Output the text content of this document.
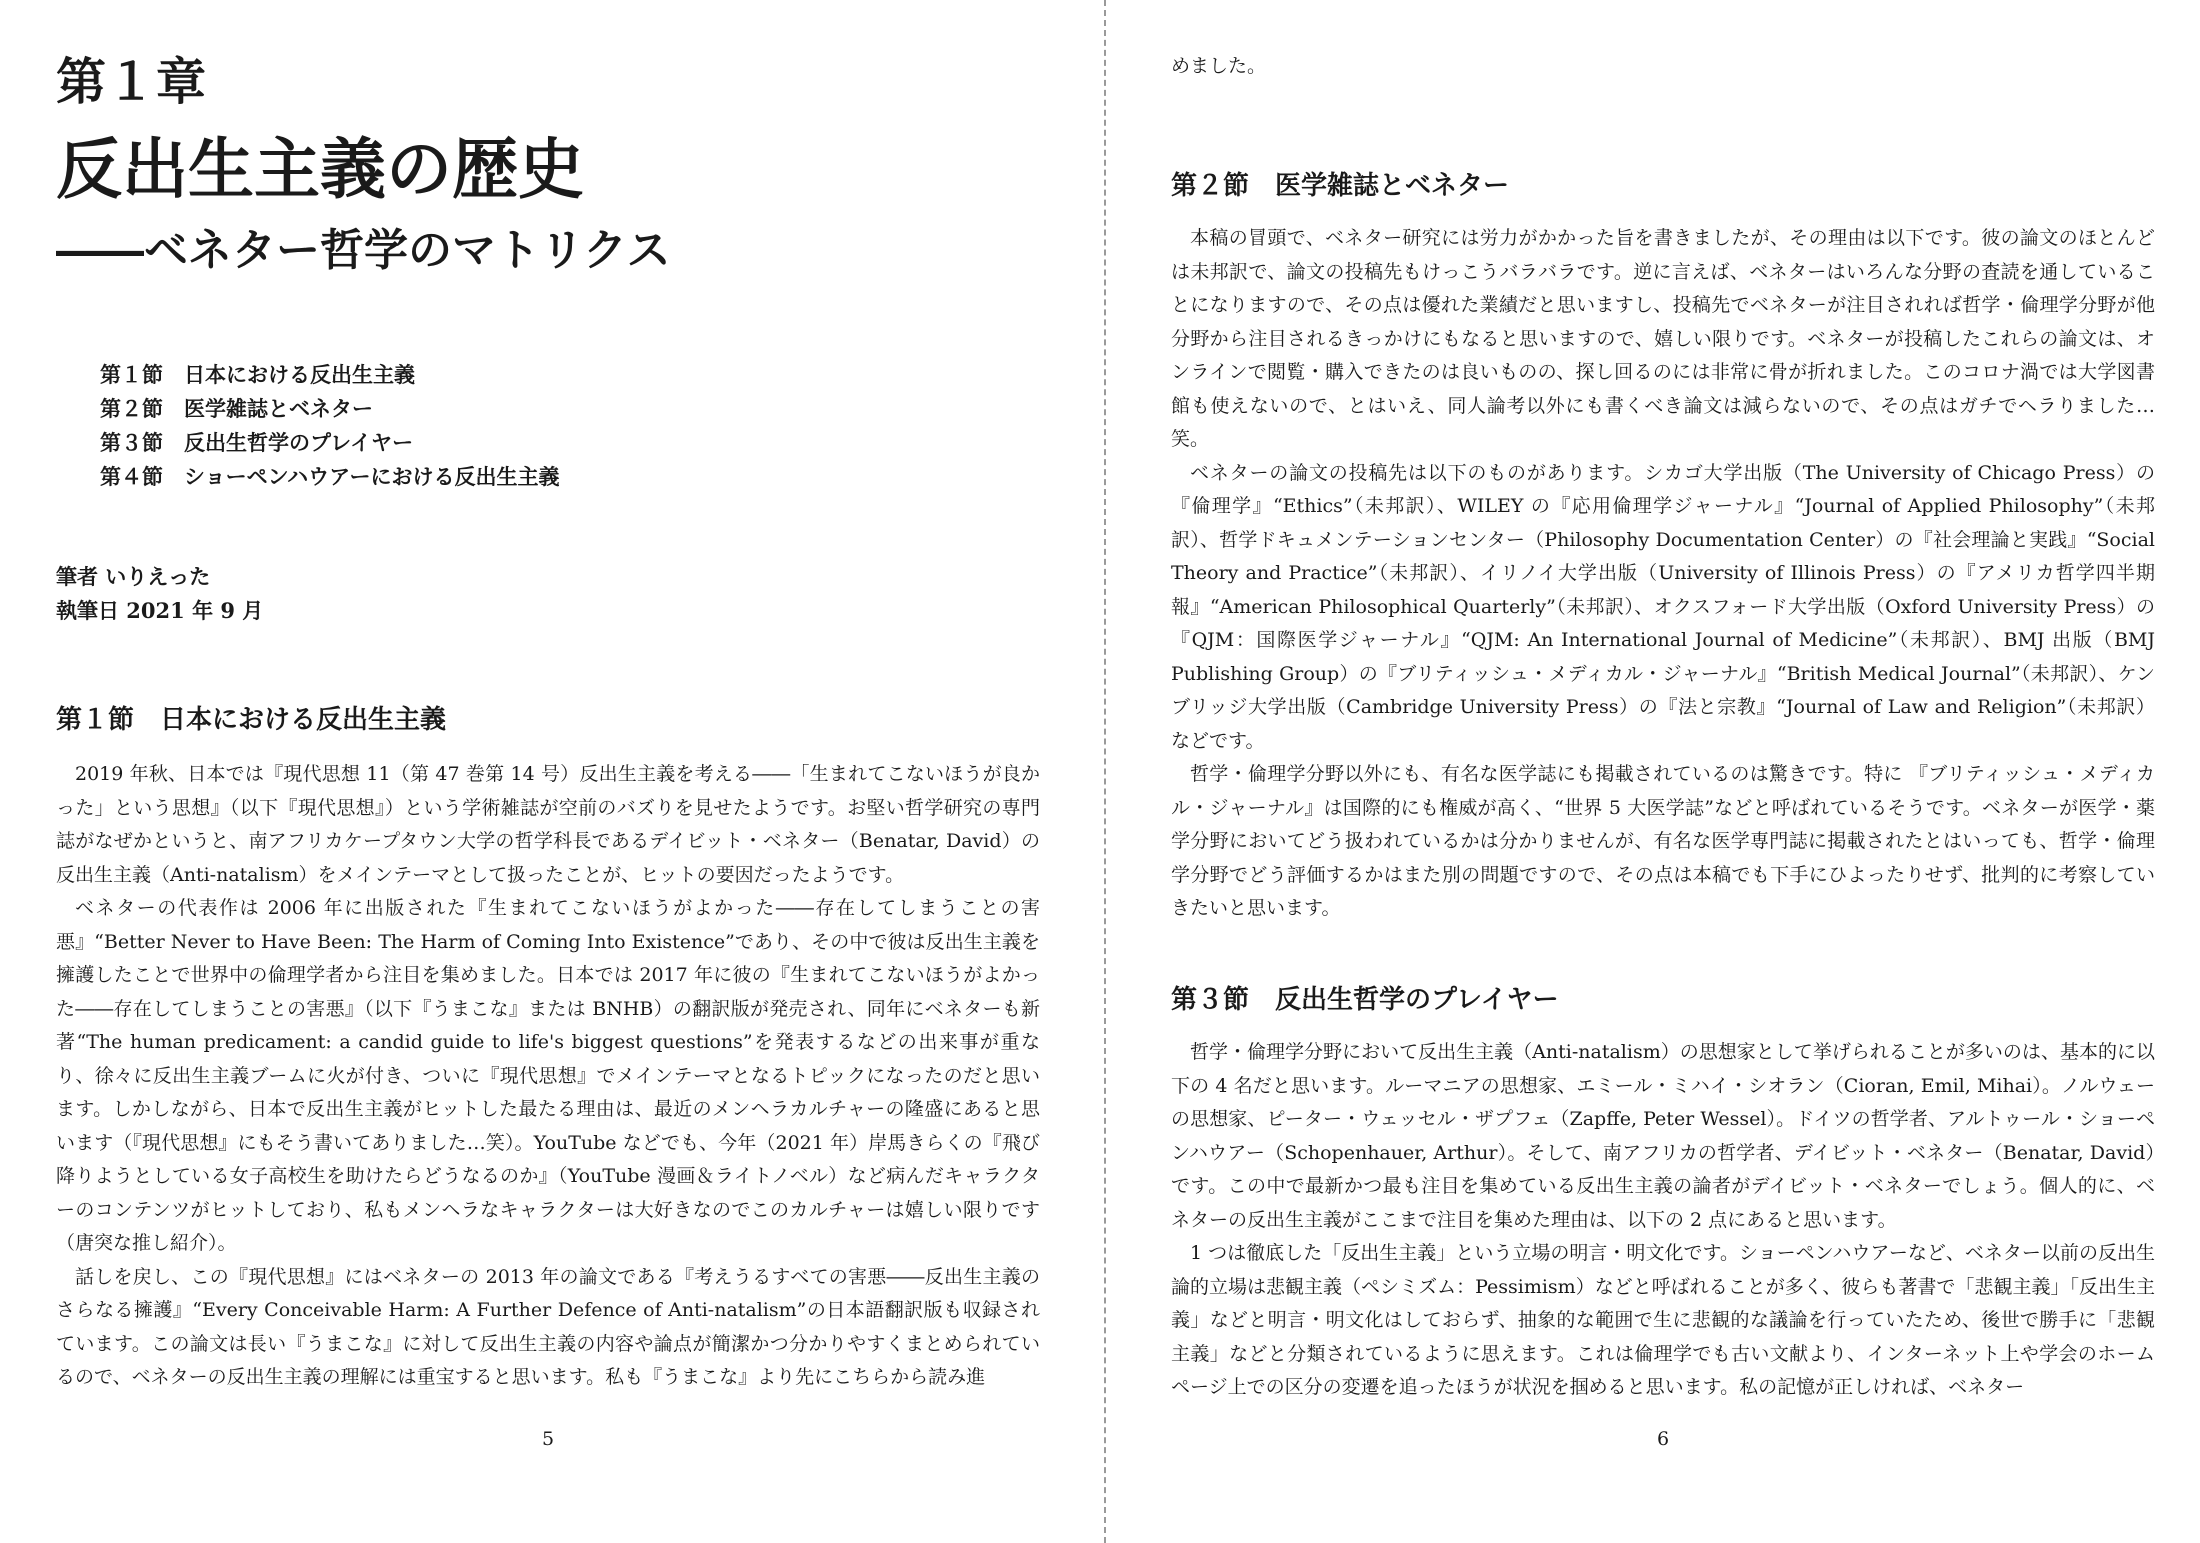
第１章
反出生主義の歴史
――ベネター哲学のマトリクス
第１節　日本における反出生主義
第２節　医学雑誌とベネター
第３節　反出生哲学のプレイヤー
第４節　ショーペンハウアーにおける反出生主義
筆者 いりえった
執筆日 2021 年 9 月
第１節　日本における反出生主義

2019 年秋、日本では『現代思想 11（第 47 巻第 14 号）反出生主義を考える――「生まれてこないほうが良かった」という思想』（以下『現代思想』）という学術雑誌が空前のバズりを見せたようです。お堅い哲学研究の専門誌がなぜかというと、南アフリカケープタウン大学の哲学科長であるデイビット・ベネター（Benatar, David）の反出生主義（Anti-natalism）をメインテーマとして扱ったことが、ヒットの要因だったようです。

ベネターの代表作は 2006 年に出版された『生まれてこないほうがよかった――存在してしまうことの害悪』“Better Never to Have Been: The Harm of Coming Into Existence”であり、その中で彼は反出生主義を擁護したことで世界中の倫理学者から注目を集めました。日本では 2017 年に彼の『生まれてこないほうがよかった――存在してしまうことの害悪』（以下『うまこな』または BNHB）の翻訳版が発売され、同年にベネターも新著“The human predicament: a candid guide to life's biggest questions”を発表するなどの出来事が重なり、徐々に反出生主義ブームに火が付き、ついに『現代思想』でメインテーマとなるトピックになったのだと思います。しかしながら、日本で反出生主義がヒットした最たる理由は、最近のメンヘラカルチャーの隆盛にあると思います（『現代思想』にもそう書いてありました…笑）。YouTube などでも、今年（2021 年）岸馬きらくの『飛び降りようとしている女子高校生を助けたらどうなるのか』（YouTube 漫画＆ライトノベル）など病んだキャラクターのコンテンツがヒットしており、私もメンヘラなキャラクターは大好きなのでこのカルチャーは嬉しい限りです（唐突な推し紹介）。

話しを戻し、この『現代思想』にはベネターの 2013 年の論文である『考えうるすべての害悪――反出生主義のさらなる擁護』“Every Conceivable Harm: A Further Defence of Anti-natalism”の日本語翻訳版も収録されています。この論文は長い『うまこな』に対して反出生主義の内容や論点が簡潔かつ分かりやすくまとめられているので、ベネターの反出生主義の理解には重宝すると思います。私も『うまこな』より先にこちらから読み進

5

めました。

第２節　医学雑誌とベネター

本稿の冒頭で、ベネター研究には労力がかかった旨を書きましたが、その理由は以下です。彼の論文のほとんどは未邦訳で、論文の投稿先もけっこうバラバラです。逆に言えば、ベネターはいろんな分野の査読を通していることになりますので、その点は優れた業績だと思いますし、投稿先でベネターが注目されれば哲学・倫理学分野が他分野から注目されるきっかけにもなると思いますので、嬉しい限りです。ベネターが投稿したこれらの論文は、オンラインで閲覧・購入できたのは良いものの、探し回るのには非常に骨が折れました。このコロナ渦では大学図書館も使えないので、とはいえ、同人論考以外にも書くべき論文は減らないので、その点はガチでヘラりました…笑。

ベネターの論文の投稿先は以下のものがあります。シカゴ大学出版（The University of Chicago Press）の『倫理学』“Ethics”（未邦訳）、WILEY の『応用倫理学ジャーナル』“Journal of Applied Philosophy”（未邦訳）、哲学ドキュメンテーションセンター（Philosophy Documentation Center）の『社会理論と実践』“Social Theory and Practice”（未邦訳）、イリノイ大学出版（University of Illinois Press）の『アメリカ哲学四半期報』“American Philosophical Quarterly”（未邦訳）、オクスフォード大学出版（Oxford University Press）の『QJM：国際医学ジャーナル』“QJM: An International Journal of Medicine”（未邦訳）、BMJ 出版（BMJ Publishing Group）の『ブリティッシュ・メディカル・ジャーナル』“British Medical Journal”（未邦訳）、ケンブリッジ大学出版（Cambridge University Press）の『法と宗教』“Journal of Law and Religion”（未邦訳）などです。

哲学・倫理学分野以外にも、有名な医学誌にも掲載されているのは驚きです。特に 『ブリティッシュ・メディカル・ジャーナル』は国際的にも権威が高く、“世界 5 大医学誌”などと呼ばれているそうです。ベネターが医学・薬学分野においてどう扱われているかは分かりませんが、有名な医学専門誌に掲載されたとはいっても、哲学・倫理学分野でどう評価するかはまた別の問題ですので、その点は本稿でも下手にひよったりせず、批判的に考察していきたいと思います。

第３節　反出生哲学のプレイヤー

哲学・倫理学分野において反出生主義（Anti-natalism）の思想家として挙げられることが多いのは、基本的に以下の 4 名だと思います。ルーマニアの思想家、エミール・ミハイ・シオラン（Cioran, Emil, Mihai）。ノルウェーの思想家、ピーター・ウェッセル・ザプフェ（Zapffe, Peter Wessel）。ドイツの哲学者、アルトゥール・ショーペンハウアー（Schopenhauer, Arthur）。そして、南アフリカの哲学者、デイビット・ベネター（Benatar, David）です。この中で最新かつ最も注目を集めている反出生主義の論者がデイビット・ベネターでしょう。個人的に、ベネターの反出生主義がここまで注目を集めた理由は、以下の 2 点にあると思います。

1 つは徹底した「反出生主義」という立場の明言・明文化です。ショーペンハウアーなど、ベネター以前の反出生論的立場は悲観主義（ペシミズム：Pessimism）などと呼ばれることが多く、彼らも著書で「悲観主義」「反出生主義」などと明言・明文化はしておらず、抽象的な範囲で生に悲観的な議論を行っていたため、後世で勝手に「悲観主義」などと分類されているように思えます。これは倫理学でも古い文献より、インターネット上や学会のホームページ上での区分の変遷を追ったほうが状況を掴めると思います。私の記憶が正しければ、ベネター

6
